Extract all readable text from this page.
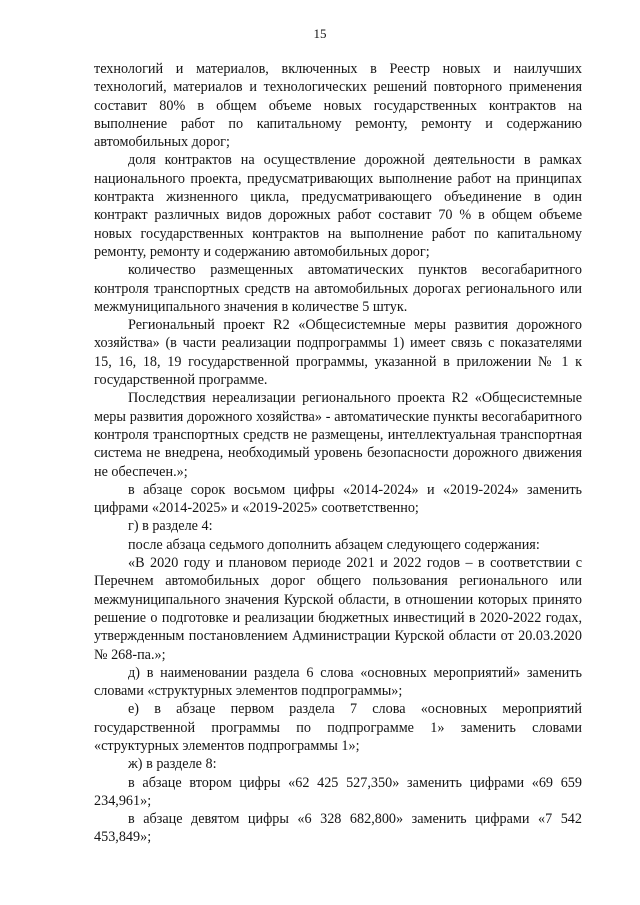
15

технологий и материалов, включенных в Реестр новых и наилучших технологий, материалов и технологических решений повторного применения составит 80% в общем объеме новых государственных контрактов на выполнение работ по капитальному ремонту, ремонту и содержанию автомобильных дорог;

доля контрактов на осуществление дорожной деятельности в рамках национального проекта, предусматривающих выполнение работ на принципах контракта жизненного цикла, предусматривающего объединение в один контракт различных видов дорожных работ составит 70 % в общем объеме новых государственных контрактов на выполнение работ по капитальному ремонту, ремонту и содержанию автомобильных дорог;

количество размещенных автоматических пунктов весогабаритного контроля транспортных средств на автомобильных дорогах регионального или межмуниципального значения в количестве 5 штук.

Региональный проект R2 «Общесистемные меры развития дорожного хозяйства» (в части реализации подпрограммы 1) имеет связь с показателями 15, 16, 18, 19 государственной программы, указанной в приложении № 1 к государственной программе.

Последствия нереализации регионального проекта R2 «Общесистемные меры развития дорожного хозяйства» - автоматические пункты весогабаритного контроля транспортных средств не размещены, интеллектуальная транспортная система не внедрена, необходимый уровень безопасности дорожного движения не обеспечен.»;

в абзаце сорок восьмом цифры «2014-2024» и «2019-2024» заменить цифрами «2014-2025» и «2019-2025» соответственно;

г) в разделе 4:

после абзаца седьмого дополнить абзацем следующего содержания:

«В 2020 году и плановом периоде 2021 и 2022 годов – в соответствии с Перечнем автомобильных дорог общего пользования регионального или межмуниципального значения Курской области, в отношении которых принято решение о подготовке и реализации бюджетных инвестиций в 2020-2022 годах, утвержденным постановлением Администрации Курской области от 20.03.2020 № 268-па.»;

д) в наименовании раздела 6 слова «основных мероприятий» заменить словами «структурных элементов подпрограммы»;

е) в абзаце первом раздела 7 слова «основных мероприятий государственной программы по подпрограмме 1» заменить словами «структурных элементов подпрограммы 1»;

ж) в разделе 8:

в абзаце втором цифры «62 425 527,350» заменить цифрами «69 659 234,961»;

в абзаце девятом цифры «6 328 682,800» заменить цифрами «7 542 453,849»;
